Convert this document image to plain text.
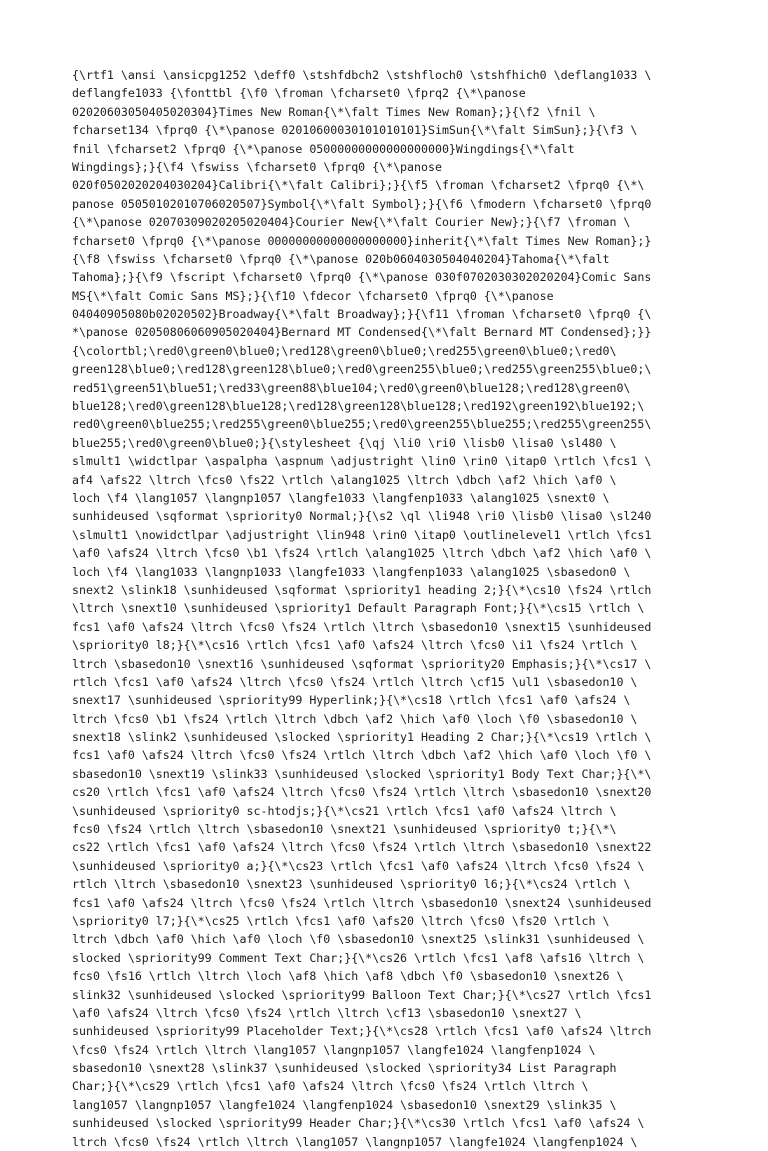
{\rtf1 \ansi \ansicpg1252 \deff0 \stshfdbch2 \stshfloch0 \stshfhich0 \deflang1033 \
deflangfe1033 {\fonttbl {\f0 \froman \fcharset0 \fprq2 {\*\panose
02020603050405020304}Times New Roman{\*\falt Times New Roman};}{\f2 \fnil \
fcharset134 \fprq0 {\*\panose 02010600030101010101}SimSun{\*\falt SimSun};}{\f3 \
fnil \fcharset2 \fprq0 {\*\panose 05000000000000000000}Wingdings{\*\falt
Wingdings};}{\f4 \fswiss \fcharset0 \fprq0 {\*\panose
020f0502020204030204}Calibri{\*\falt Calibri};}{\f5 \froman \fcharset2 \fprq0 {\*\
panose 05050102010706020507}Symbol{\*\falt Symbol};}{\f6 \fmodern \fcharset0 \fprq0
{\*\panose 02070309020205020404}Courier New{\*\falt Courier New};}{\f7 \froman \
fcharset0 \fprq0 {\*\panose 00000000000000000000}inherit{\*\falt Times New Roman};}
{\f8 \fswiss \fcharset0 \fprq0 {\*\panose 020b0604030504040204}Tahoma{\*\falt
Tahoma};}{\f9 \fscript \fcharset0 \fprq0 {\*\panose 030f0702030302020204}Comic Sans
MS{\*\falt Comic Sans MS};}{\f10 \fdecor \fcharset0 \fprq0 {\*\panose
04040905080b02020502}Broadway{\*\falt Broadway};}{\f11 \froman \fcharset0 \fprq0 {\
*\panose 02050806060905020404}Bernard MT Condensed{\*\falt Bernard MT Condensed};}}
{\colortbl;\red0\green0\blue0;\red128\green0\blue0;\red255\green0\blue0;\red0\
green128\blue0;\red128\green128\blue0;\red0\green255\blue0;\red255\green255\blue0;\
red51\green51\blue51;\red33\green88\blue104;\red0\green0\blue128;\red128\green0\
blue128;\red0\green128\blue128;\red128\green128\blue128;\red192\green192\blue192;\
red0\green0\blue255;\red255\green0\blue255;\red0\green255\blue255;\red255\green255\
blue255;\red0\green0\blue0;}{\stylesheet {\qj \li0 \ri0 \lisb0 \lisa0 \sl480 \
slmult1 \widctlpar \aspalpha \aspnum \adjustright \lin0 \rin0 \itap0 \rtlch \fcs1 \
af4 \afs22 \ltrch \fcs0 \fs22 \rtlch \alang1025 \ltrch \dbch \af2 \hich \af0 \
loch \f4 \lang1057 \langnp1057 \langfe1033 \langfenp1033 \alang1025 \snext0 \
sunhideused \sqformat \spriority0 Normal;}{\s2 \ql \li948 \ri0 \lisb0 \lisa0 \sl240
\slmult1 \nowidctlpar \adjustright \lin948 \rin0 \itap0 \outlinelevel1 \rtlch \fcs1
\af0 \afs24 \ltrch \fcs0 \b1 \fs24 \rtlch \alang1025 \ltrch \dbch \af2 \hich \af0 \
loch \f4 \lang1033 \langnp1033 \langfe1033 \langfenp1033 \alang1025 \sbasedon0 \
snext2 \slink18 \sunhideused \sqformat \spriority1 heading 2;}{\*\cs10 \fs24 \rtlch
\ltrch \snext10 \sunhideused \spriority1 Default Paragraph Font;}{\*\cs15 \rtlch \
fcs1 \af0 \afs24 \ltrch \fcs0 \fs24 \rtlch \ltrch \sbasedon10 \snext15 \sunhideused
\spriority0 l8;}{\*\cs16 \rtlch \fcs1 \af0 \afs24 \ltrch \fcs0 \i1 \fs24 \rtlch \
ltrch \sbasedon10 \snext16 \sunhideused \sqformat \spriority20 Emphasis;}{\*\cs17 \
rtlch \fcs1 \af0 \afs24 \ltrch \fcs0 \fs24 \rtlch \ltrch \cf15 \ul1 \sbasedon10 \
snext17 \sunhideused \spriority99 Hyperlink;}{\*\cs18 \rtlch \fcs1 \af0 \afs24 \
ltrch \fcs0 \b1 \fs24 \rtlch \ltrch \dbch \af2 \hich \af0 \loch \f0 \sbasedon10 \
snext18 \slink2 \sunhideused \slocked \spriority1 Heading 2 Char;}{\*\cs19 \rtlch \
fcs1 \af0 \afs24 \ltrch \fcs0 \fs24 \rtlch \ltrch \dbch \af2 \hich \af0 \loch \f0 \
sbasedon10 \snext19 \slink33 \sunhideused \slocked \spriority1 Body Text Char;}{\*\
cs20 \rtlch \fcs1 \af0 \afs24 \ltrch \fcs0 \fs24 \rtlch \ltrch \sbasedon10 \snext20
\sunhideused \spriority0 sc-htodjs;}{\*\cs21 \rtlch \fcs1 \af0 \afs24 \ltrch \
fcs0 \fs24 \rtlch \ltrch \sbasedon10 \snext21 \sunhideused \spriority0 t;}{\*\
cs22 \rtlch \fcs1 \af0 \afs24 \ltrch \fcs0 \fs24 \rtlch \ltrch \sbasedon10 \snext22
\sunhideused \spriority0 a;}{\*\cs23 \rtlch \fcs1 \af0 \afs24 \ltrch \fcs0 \fs24 \
rtlch \ltrch \sbasedon10 \snext23 \sunhideused \spriority0 l6;}{\*\cs24 \rtlch \
fcs1 \af0 \afs24 \ltrch \fcs0 \fs24 \rtlch \ltrch \sbasedon10 \snext24 \sunhideused
\spriority0 l7;}{\*\cs25 \rtlch \fcs1 \af0 \afs20 \ltrch \fcs0 \fs20 \rtlch \
ltrch \dbch \af0 \hich \af0 \loch \f0 \sbasedon10 \snext25 \slink31 \sunhideused \
slocked \spriority99 Comment Text Char;}{\*\cs26 \rtlch \fcs1 \af8 \afs16 \ltrch \
fcs0 \fs16 \rtlch \ltrch \loch \af8 \hich \af8 \dbch \f0 \sbasedon10 \snext26 \
slink32 \sunhideused \slocked \spriority99 Balloon Text Char;}{\*\cs27 \rtlch \fcs1
\af0 \afs24 \ltrch \fcs0 \fs24 \rtlch \ltrch \cf13 \sbasedon10 \snext27 \
sunhideused \spriority99 Placeholder Text;}{\*\cs28 \rtlch \fcs1 \af0 \afs24 \ltrch
\fcs0 \fs24 \rtlch \ltrch \lang1057 \langnp1057 \langfe1024 \langfenp1024 \
sbasedon10 \snext28 \slink37 \sunhideused \slocked \spriority34 List Paragraph
Char;}{\*\cs29 \rtlch \fcs1 \af0 \afs24 \ltrch \fcs0 \fs24 \rtlch \ltrch \
lang1057 \langnp1057 \langfe1024 \langfenp1024 \sbasedon10 \snext29 \slink35 \
sunhideused \slocked \spriority99 Header Char;}{\*\cs30 \rtlch \fcs1 \af0 \afs24 \
ltrch \fcs0 \fs24 \rtlch \ltrch \lang1057 \langnp1057 \langfe1024 \langfenp1024 \
